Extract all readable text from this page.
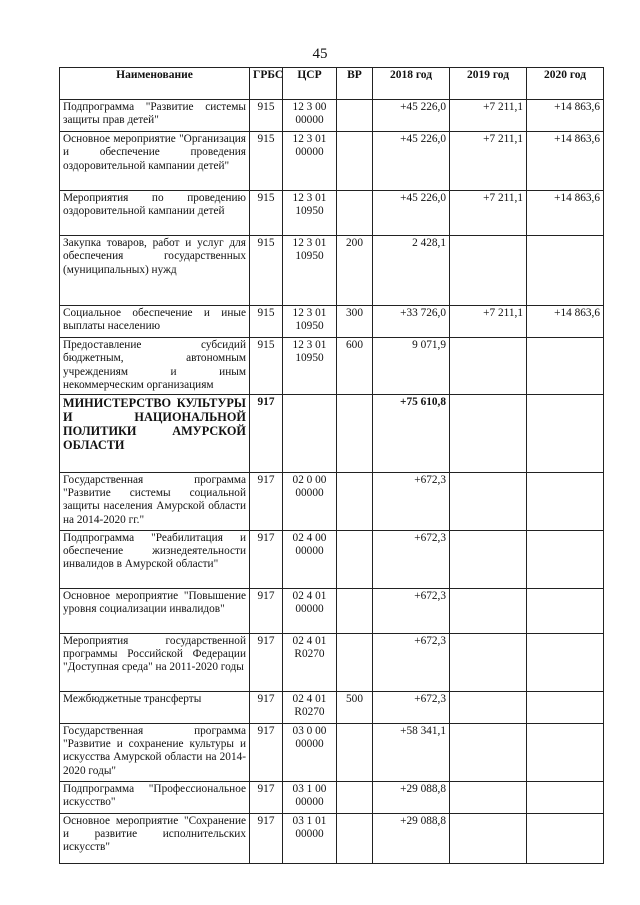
45
Наименование	ГРБС	ЦСР	ВР	2018 год	2019 год	2020 год
Подпрограмма "Развитие системы защиты прав детей"	915	12 3 00 00000		+45 226,0	+7 211,1	+14 863,6
Основное мероприятие "Организация и обеспечение проведения оздоровительной кампании детей"	915	12 3 01 00000		+45 226,0	+7 211,1	+14 863,6
Мероприятия по проведению оздоровительной кампании детей	915	12 3 01 10950		+45 226,0	+7 211,1	+14 863,6
Закупка товаров, работ и услуг для обеспечения государственных (муниципальных) нужд	915	12 3 01 10950	200	2 428,1		
Социальное обеспечение и иные выплаты населению	915	12 3 01 10950	300	+33 726,0	+7 211,1	+14 863,6
Предоставление субсидий бюджетным, автономным учреждениям и иным некоммерческим организациям	915	12 3 01 10950	600	9 071,9		
МИНИСТЕРСТВО КУЛЬТУРЫ И НАЦИОНАЛЬНОЙ ПОЛИТИКИ АМУРСКОЙ ОБЛАСТИ	917			+75 610,8		
Государственная программа "Развитие системы социальной защиты населения Амурской области на 2014-2020 гг."	917	02 0 00 00000		+672,3		
Подпрограмма "Реабилитация и обеспечение жизнедеятельности инвалидов в Амурской области"	917	02 4 00 00000		+672,3		
Основное мероприятие "Повышение уровня социализации инвалидов"	917	02 4 01 00000		+672,3		
Мероприятия государственной программы Российской Федерации "Доступная среда" на 2011-2020 годы	917	02 4 01 R0270		+672,3		
Межбюджетные трансферты	917	02 4 01 R0270	500	+672,3		
Государственная программа "Развитие и сохранение культуры и искусства Амурской области на 2014-2020 годы"	917	03 0 00 00000		+58 341,1		
Подпрограмма "Профессиональное искусство"	917	03 1 00 00000		+29 088,8		
Основное мероприятие "Сохранение и развитие исполнительских искусств"	917	03 1 01 00000		+29 088,8		
